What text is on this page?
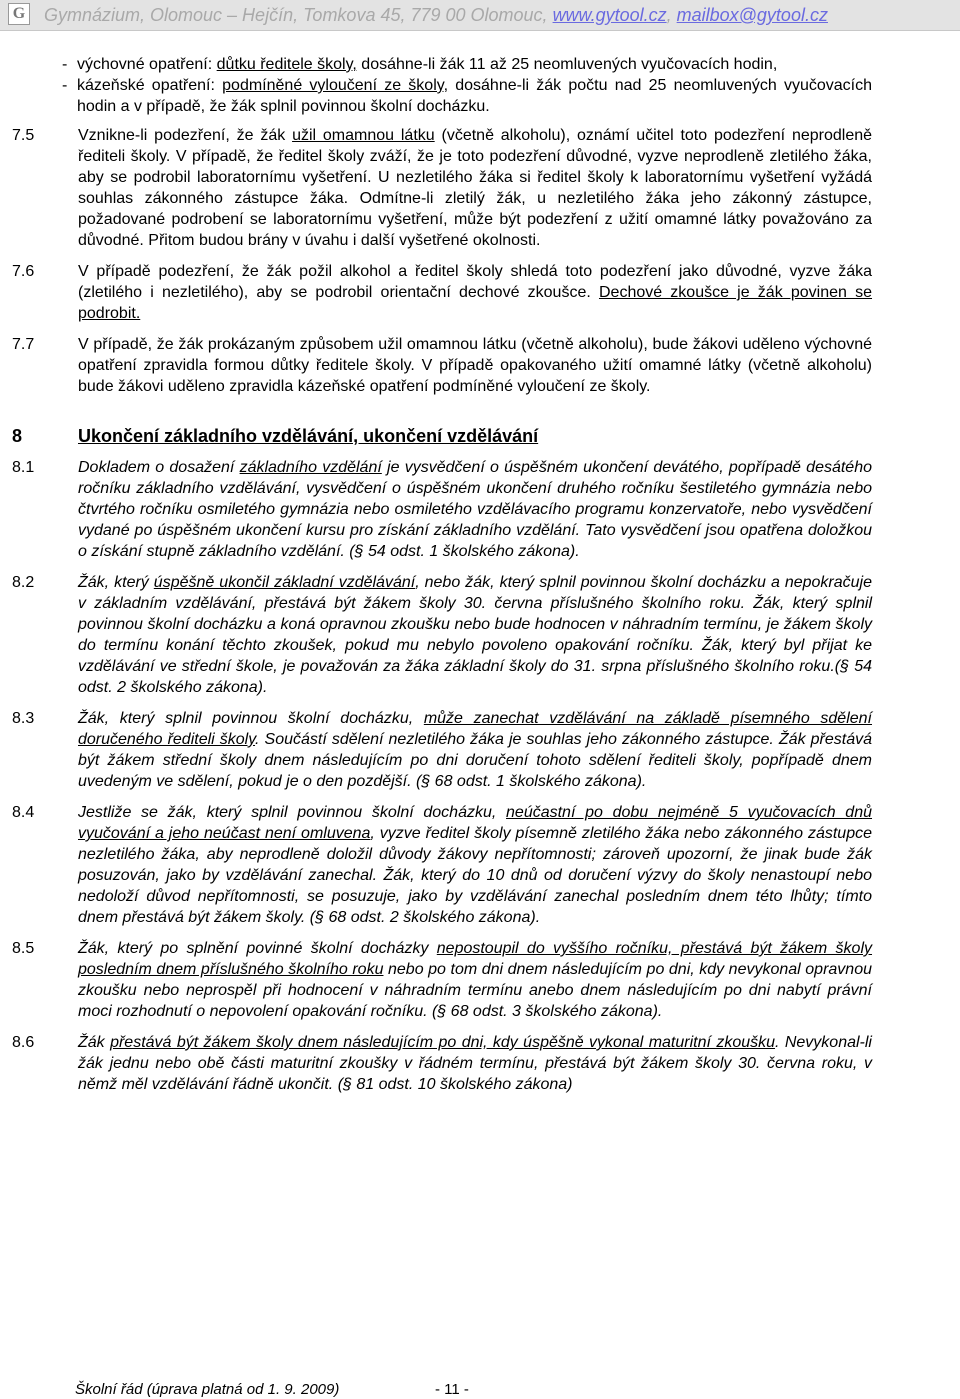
G Gymnázium, Olomouc – Hejčín, Tomkova 45, 779 00 Olomouc, www.gytool.cz, mailbox@gytool.cz
- výchovné opatření: důtku ředitele školy, dosáhne-li žák 11 až 25 neomluvených vyučovacích hodin,
- kázeňské opatření: podmíněné vyloučení ze školy, dosáhne-li žák počtu nad 25 neomluvených vyučovacích hodin a v případě, že žák splnil povinnou školní docházku.
7.5	Vznikne-li podezření, že žák užil omamnou látku (včetně alkoholu), oznámí učitel toto podezření neprodleně řediteli školy. V případě, že ředitel školy zváží, že je toto podezření důvodné, vyzve neprodleně zletilého žáka, aby se podrobil laboratornímu vyšetření. U nezletilého žáka si ředitel školy k laboratornímu vyšetření vyžádá souhlas zákonného zástupce žáka. Odmítne-li zletilý žák, u nezletilého žáka jeho zákonný zástupce, požadované podrobení se laboratornímu vyšetření, může být podezření z užití omamné látky považováno za důvodné. Přitom budou brány v úvahu i další vyšetřené okolnosti.
7.6	V případě podezření, že žák požil alkohol a ředitel školy shledá toto podezření jako důvodné, vyzve žáka (zletilého i nezletilého), aby se podrobil orientační dechové zkoušce. Dechové zkoušce je žák povinen se podrobit.
7.7	V případě, že žák prokázaným způsobem užil omamnou látku (včetně alkoholu), bude žákovi uděleno výchovné opatření zpravidla formou důtky ředitele školy. V případě opakovaného užití omamné látky (včetně alkoholu) bude žákovi uděleno zpravidla kázeňské opatření podmíněné vyloučení ze školy.
8	Ukončení základního vzdělávání, ukončení vzdělávání
8.1	Dokladem o dosažení základního vzdělání je vysvědčení o úspěšném ukončení devátého, popřípadě desátého ročníku základního vzdělávání, vysvědčení o úspěšném ukončení druhého ročníku šestiletého gymnázia nebo čtvrtého ročníku osmiletého gymnázia nebo osmiletého vzdělávacího programu konzervatoře, nebo vysvědčení vydané po úspěšném ukončení kursu pro získání základního vzdělání. Tato vysvědčení jsou opatřena doložkou o získání stupně základního vzdělání. (§ 54 odst. 1 školského zákona).
8.2	Žák, který úspěšně ukončil základní vzdělávání, nebo žák, který splnil povinnou školní docházku a nepokračuje v základním vzdělávání, přestává být žákem školy 30. června příslušného školního roku. Žák, který splnil povinnou školní docházku a koná opravnou zkoušku nebo bude hodnocen v náhradním termínu, je žákem školy do termínu konání těchto zkoušek, pokud mu nebylo povoleno opakování ročníku. Žák, který byl přijat ke vzdělávání ve střední škole, je považován za žáka základní školy do 31. srpna příslušného školního roku.(§ 54 odst. 2 školského zákona).
8.3	Žák, který splnil povinnou školní docházku, může zanechat vzdělávání na základě písemného sdělení doručeného řediteli školy. Součástí sdělení nezletilého žáka je souhlas jeho zákonného zástupce. Žák přestává být žákem střední školy dnem následujícím po dni doručení tohoto sdělení řediteli školy, popřípadě dnem uvedeným ve sdělení, pokud je o den pozdější. (§ 68 odst. 1 školského zákona).
8.4	Jestliže se žák, který splnil povinnou školní docházku, neúčastní po dobu nejméně 5 vyučovacích dnů vyučování a jeho neúčast není omluvena, vyzve ředitel školy písemně zletilého žáka nebo zákonného zástupce nezletilého žáka, aby neprodleně doložil důvody žákovy nepřítomnosti; zároveň upozorní, že jinak bude žák posuzován, jako by vzdělávání zanechal. Žák, který do 10 dnů od doručení výzvy do školy nenastoupí nebo nedoloží důvod nepřítomnosti, se posuzuje, jako by vzdělávání zanechal posledním dnem této lhůty; tímto dnem přestává být žákem školy. (§ 68 odst. 2 školského zákona).
8.5	Žák, který po splnění povinné školní docházky nepostoupil do vyššího ročníku, přestává být žákem školy posledním dnem příslušného školního roku nebo po tom dni dnem následujícím po dni, kdy nevykonal opravnou zkoušku nebo neprospěl při hodnocení v náhradním termínu anebo dnem následujícím po dni nabytí právní moci rozhodnutí o nepovolení opakování ročníku. (§ 68 odst. 3 školského zákona).
8.6	Žák přestává být žákem školy dnem následujícím po dni, kdy úspěšně vykonal maturitní zkoušku. Nevykonal-li žák jednu nebo obě části maturitní zkoušky v řádném termínu, přestává být žákem školy 30. června roku, v němž měl vzdělávání řádně ukončit. (§ 81 odst. 10 školského zákona)
Školní řád (úprava platná od 1. 9. 2009)	- 11 -
